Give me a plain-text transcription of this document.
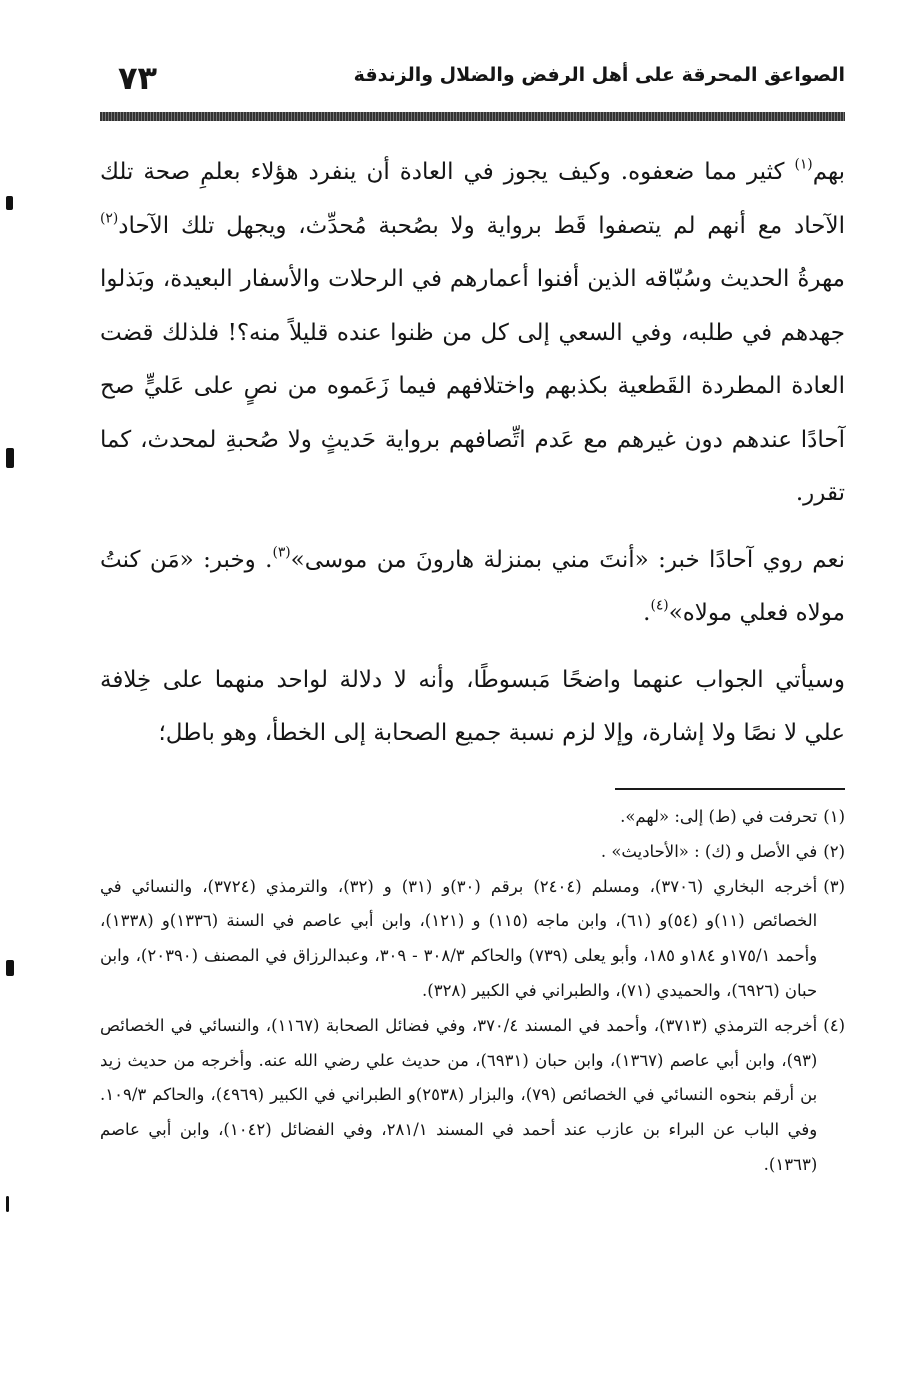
الصواعق المحرقة على أهل الرفض والضلال والزندقة
٧٣

بهم$^{(١)}$ كثير مما ضعفوه. وكيف يجوز في العادة أن ينفرد هؤلاء بعلمِ صحة تلك الآحاد مع أنهم لم يتصفوا قَط برواية ولا بصُحبة مُحدِّث، ويجهل تلك الآحاد$^{(٢)}$ مهرةُ الحديث وسُبّاقه الذين أفنوا أعمارهم في الرحلات والأسفار البعيدة، وبَذلوا جهدهم في طلبه، وفي السعي إلى كل من ظنوا عنده قليلاً منه؟! فلذلك قضت العادة المطردة القَطعية بكذبهم واختلافهم فيما زَعَموه من نصٍ على عَليٍّ صح آحادًا عندهم دون غيرهم مع عَدم اتِّصافهم برواية حَديثٍ ولا صُحبةِ لمحدث، كما تقرر.

نعم روي آحادًا خبر: «أنتَ مني بمنزلة هارونَ من موسى»$^{(٣)}$. وخبر: «مَن كنتُ مولاه فعلي مولاه»$^{(٤)}$.

وسيأتي الجواب عنهما واضحًا مَبسوطًا، وأنه لا دلالة لواحد منهما على خِلافة علي لا نصًا ولا إشارة، وإلا لزم نسبة جميع الصحابة إلى الخطأ، وهو باطل؛

(١)
تحرفت في (ط) إلى: «لهم».
(٢)
في الأصل و (ك) : «الأحاديث» .
(٣)
أخرجه البخاري (٣٧٠٦)، ومسلم (٢٤٠٤) برقم (٣٠)و (٣١) و (٣٢)، والترمذي (٣٧٢٤)، والنسائي في الخصائص (١١)و (٥٤)و (٦١)، وابن ماجه (١١٥) و (١٢١)، وابن أبي عاصم في السنة (١٣٣٦)و (١٣٣٨)، وأحمد ١٧٥/١و ١٨٤و ١٨٥، وأبو يعلى (٧٣٩) والحاكم ٣٠٨/٣ - ٣٠٩، وعبدالرزاق في المصنف (٢٠٣٩٠)، وابن حبان (٦٩٢٦)، والحميدي (٧١)، والطبراني في الكبير (٣٢٨).
(٤)
أخرجه الترمذي (٣٧١٣)، وأحمد في المسند ٣٧٠/٤، وفي فضائل الصحابة (١١٦٧)، والنسائي في الخصائص (٩٣)، وابن أبي عاصم (١٣٦٧)، وابن حبان (٦٩٣١)، من حديث علي رضي الله عنه. وأخرجه من حديث زيد بن أرقم بنحوه النسائي في الخصائص (٧٩)، والبزار (٢٥٣٨)و الطبراني في الكبير (٤٩٦٩)، والحاكم ١٠٩/٣. وفي الباب عن البراء بن عازب عند أحمد في المسند ٢٨١/١، وفي الفضائل (١٠٤٢)، وابن أبي عاصم (١٣٦٣).
